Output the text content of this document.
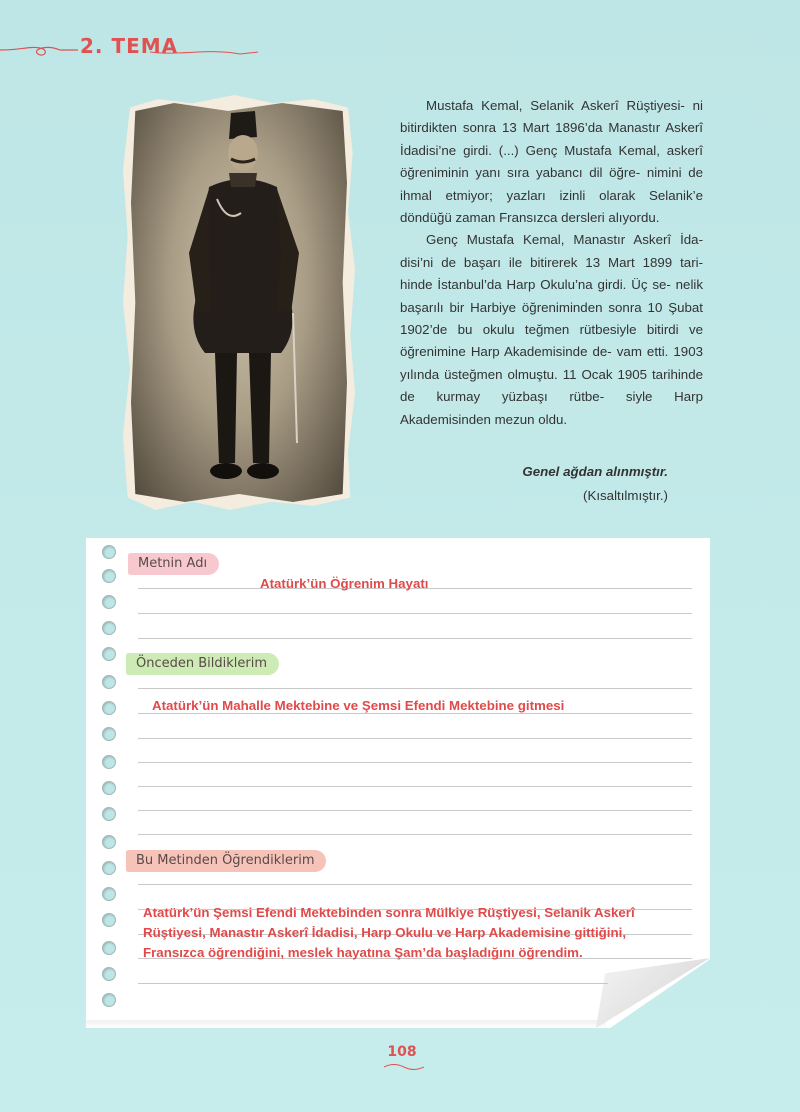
2. TEMA

Mustafa Kemal, Selanik Askerî Rüştiyesi- ni bitirdikten sonra 13 Mart 1896’da Manastır Askerî İdadisi’ne girdi. (...) Genç Mustafa Kemal, askerî öğreniminin yanı sıra yabancı dil öğre- nimini de ihmal etmiyor; yazları izinli olarak Selanik’e döndüğü zaman Fransızca dersleri alıyordu.

Genç Mustafa Kemal, Manastır Askerî İda- disi’ni de başarı ile bitirerek 13 Mart 1899 tari- hinde İstanbul’da Harp Okulu’na girdi. Üç se- nelik başarılı bir Harbiye öğreniminden sonra 10 Şubat 1902’de bu okulu teğmen rütbesiyle bitirdi ve öğrenimine Harp Akademisinde de- vam etti. 1903 yılında üsteğmen olmuştu. 11 Ocak 1905 tarihinde de kurmay yüzbaşı rütbe- siyle Harp Akademisinden mezun oldu.

Genel ağdan alınmıştır.
(Kısaltılmıştır.)
Metnin Adı
Önceden Bildiklerim
Bu Metinden Öğrendiklerim
Atatürk’ün Öğrenim Hayatı
Atatürk’ün Mahalle Mektebine ve Şemsi Efendi Mektebine gitmesi
Atatürk’ün Şemsi Efendi Mektebinden sonra Mülkiye Rüştiyesi, Selanik Askerî
Rüştiyesi, Manastır Askerî İdadisi, Harp Okulu ve Harp Akademisine gittiğini,
Fransızca öğrendiğini, meslek hayatına Şam’da başladığını öğrendim.
108
